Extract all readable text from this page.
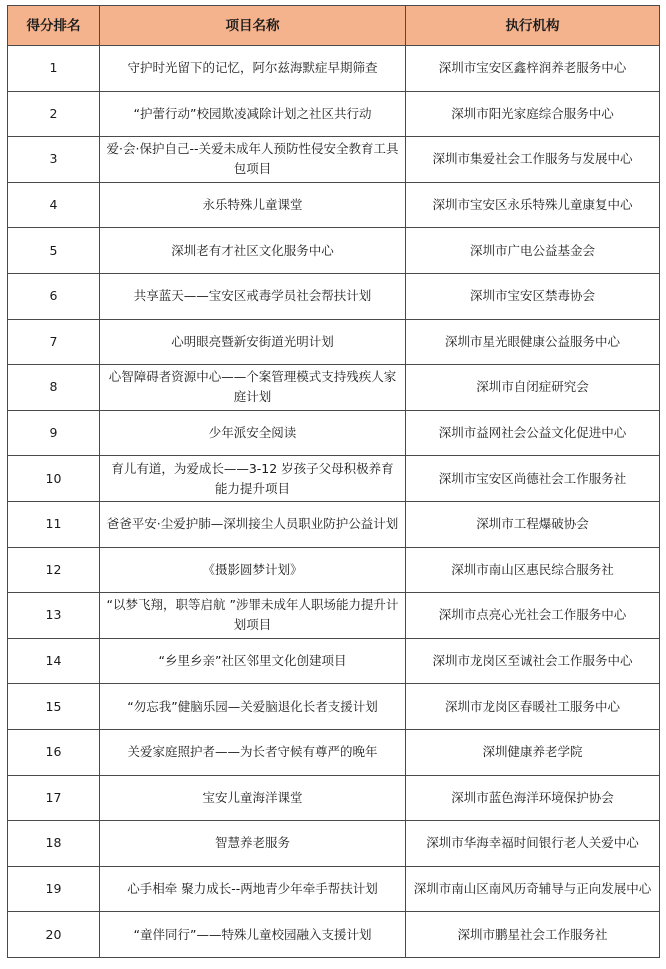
得分排名	项目名称	执行机构
1	守护时光留下的记忆，阿尔兹海默症早期筛查	深圳市宝安区鑫梓润养老服务中心
2	“护蕾行动”校园欺凌减除计划之社区共行动	深圳市阳光家庭综合服务中心
3	爱·会·保护自己--关爱未成年人预防性侵安全教育工具包项目	深圳市集爱社会工作服务与发展中心
4	永乐特殊儿童课堂	深圳市宝安区永乐特殊儿童康复中心
5	深圳老有才社区文化服务中心	深圳市广电公益基金会
6	共享蓝天——宝安区戒毒学员社会帮扶计划	深圳市宝安区禁毒协会
7	心明眼亮暨新安街道光明计划	深圳市星光眼健康公益服务中心
8	心智障碍者资源中心——个案管理模式支持残疾人家庭计划	深圳市自闭症研究会
9	少年派安全阅读	深圳市益网社会公益文化促进中心
10	育儿有道，为爱成长——3-12 岁孩子父母积极养育能力提升项目	深圳市宝安区尚德社会工作服务社
11	爸爸平安·尘爱护肺—深圳接尘人员职业防护公益计划	深圳市工程爆破协会
12	《摄影圆梦计划》	深圳市南山区惠民综合服务社
13	“以梦飞翔，职等启航 ”涉罪未成年人职场能力提升计划项目	深圳市点亮心光社会工作服务中心
14	“乡里乡亲”社区邻里文化创建项目	深圳市龙岗区至诚社会工作服务中心
15	“勿忘我”健脑乐园—关爱脑退化长者支援计划	深圳市龙岗区春暖社工服务中心
16	关爱家庭照护者——为长者守候有尊严的晚年	深圳健康养老学院
17	宝安儿童海洋课堂	深圳市蓝色海洋环境保护协会
18	智慧养老服务	深圳市华海幸福时间银行老人关爱中心
19	心手相牵 聚力成长--两地青少年牵手帮扶计划	深圳市南山区南风历奇辅导与正向发展中心
20	“童伴同行”——特殊儿童校园融入支援计划	深圳市鹏星社会工作服务社
